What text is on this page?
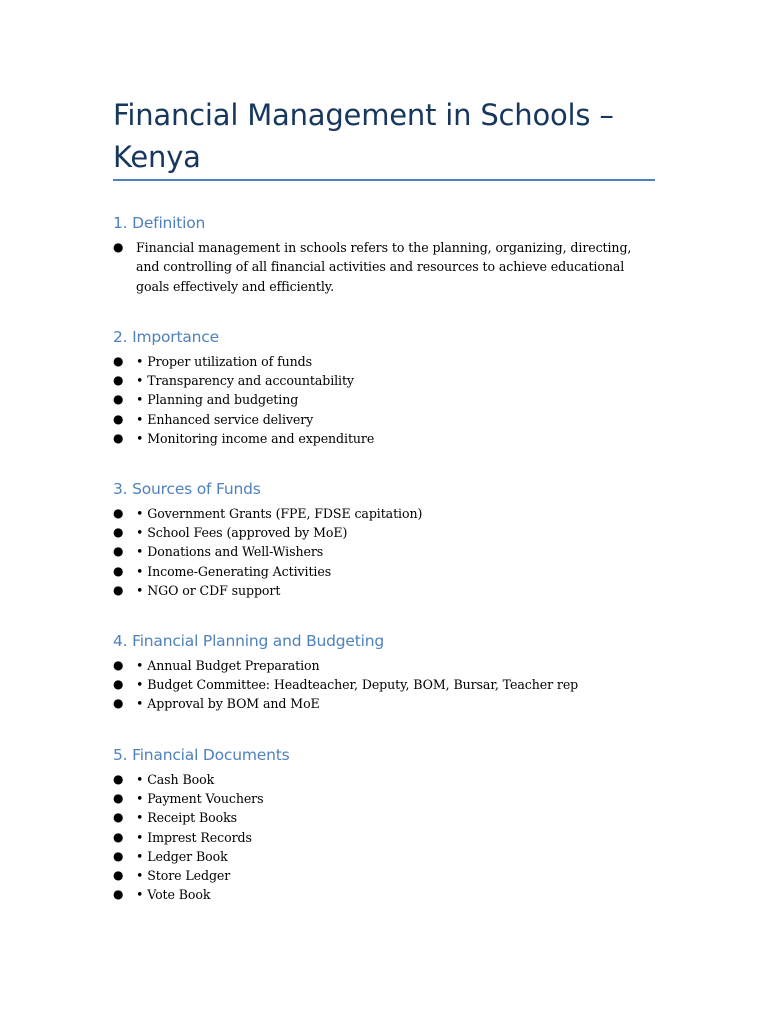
Financial Management in Schools – Kenya
1. Definition
● Financial management in schools refers to the planning, organizing, directing, and controlling of all financial activities and resources to achieve educational goals effectively and efficiently.
2. Importance
● • Proper utilization of funds
● • Transparency and accountability
● • Planning and budgeting
● • Enhanced service delivery
● • Monitoring income and expenditure
3. Sources of Funds
● • Government Grants (FPE, FDSE capitation)
● • School Fees (approved by MoE)
● • Donations and Well-Wishers
● • Income-Generating Activities
● • NGO or CDF support
4. Financial Planning and Budgeting
● • Annual Budget Preparation
● • Budget Committee: Headteacher, Deputy, BOM, Bursar, Teacher rep
● • Approval by BOM and MoE
5. Financial Documents
● • Cash Book
● • Payment Vouchers
● • Receipt Books
● • Imprest Records
● • Ledger Book
● • Store Ledger
● • Vote Book
